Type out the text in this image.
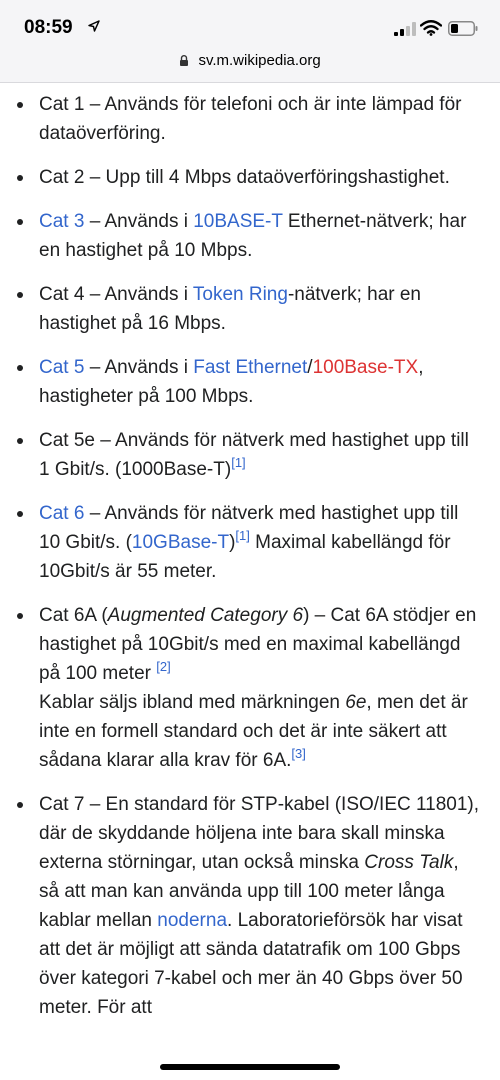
08:59
sv.m.wikipedia.org
Cat 1 – Används för telefoni och är inte lämpad för dataöverföring.
Cat 2 – Upp till 4 Mbps dataöverföringshastighet.
Cat 3 – Används i 10BASE-T Ethernet-nätverk; har en hastighet på 10 Mbps.
Cat 4 – Används i Token Ring-nätverk; har en hastighet på 16 Mbps.
Cat 5 – Används i Fast Ethernet/100Base-TX, hastigheter på 100 Mbps.
Cat 5e – Används för nätverk med hastighet upp till 1 Gbit/s. (1000Base-T)[1]
Cat 6 – Används för nätverk med hastighet upp till 10 Gbit/s. (10GBase-T)[1] Maximal kabellängd för 10Gbit/s är 55 meter.
Cat 6A (Augmented Category 6) – Cat 6A stödjer en hastighet på 10Gbit/s med en maximal kabellängd på 100 meter [2]
Kablar säljs ibland med märkningen 6e, men det är inte en formell standard och det är inte säkert att sådana klarar alla krav för 6A.[3]
Cat 7 – En standard för STP-kabel (ISO/IEC 11801), där de skyddande höljena inte bara skall minska externa störningar, utan också minska Cross Talk, så att man kan använda upp till 100 meter långa kablar mellan noderna. Laboratorieförsök har visat att det är möjligt att sända datatrafik om 100 Gbps över kategori 7-kabel och mer än 40 Gbps över 50 meter. För att
